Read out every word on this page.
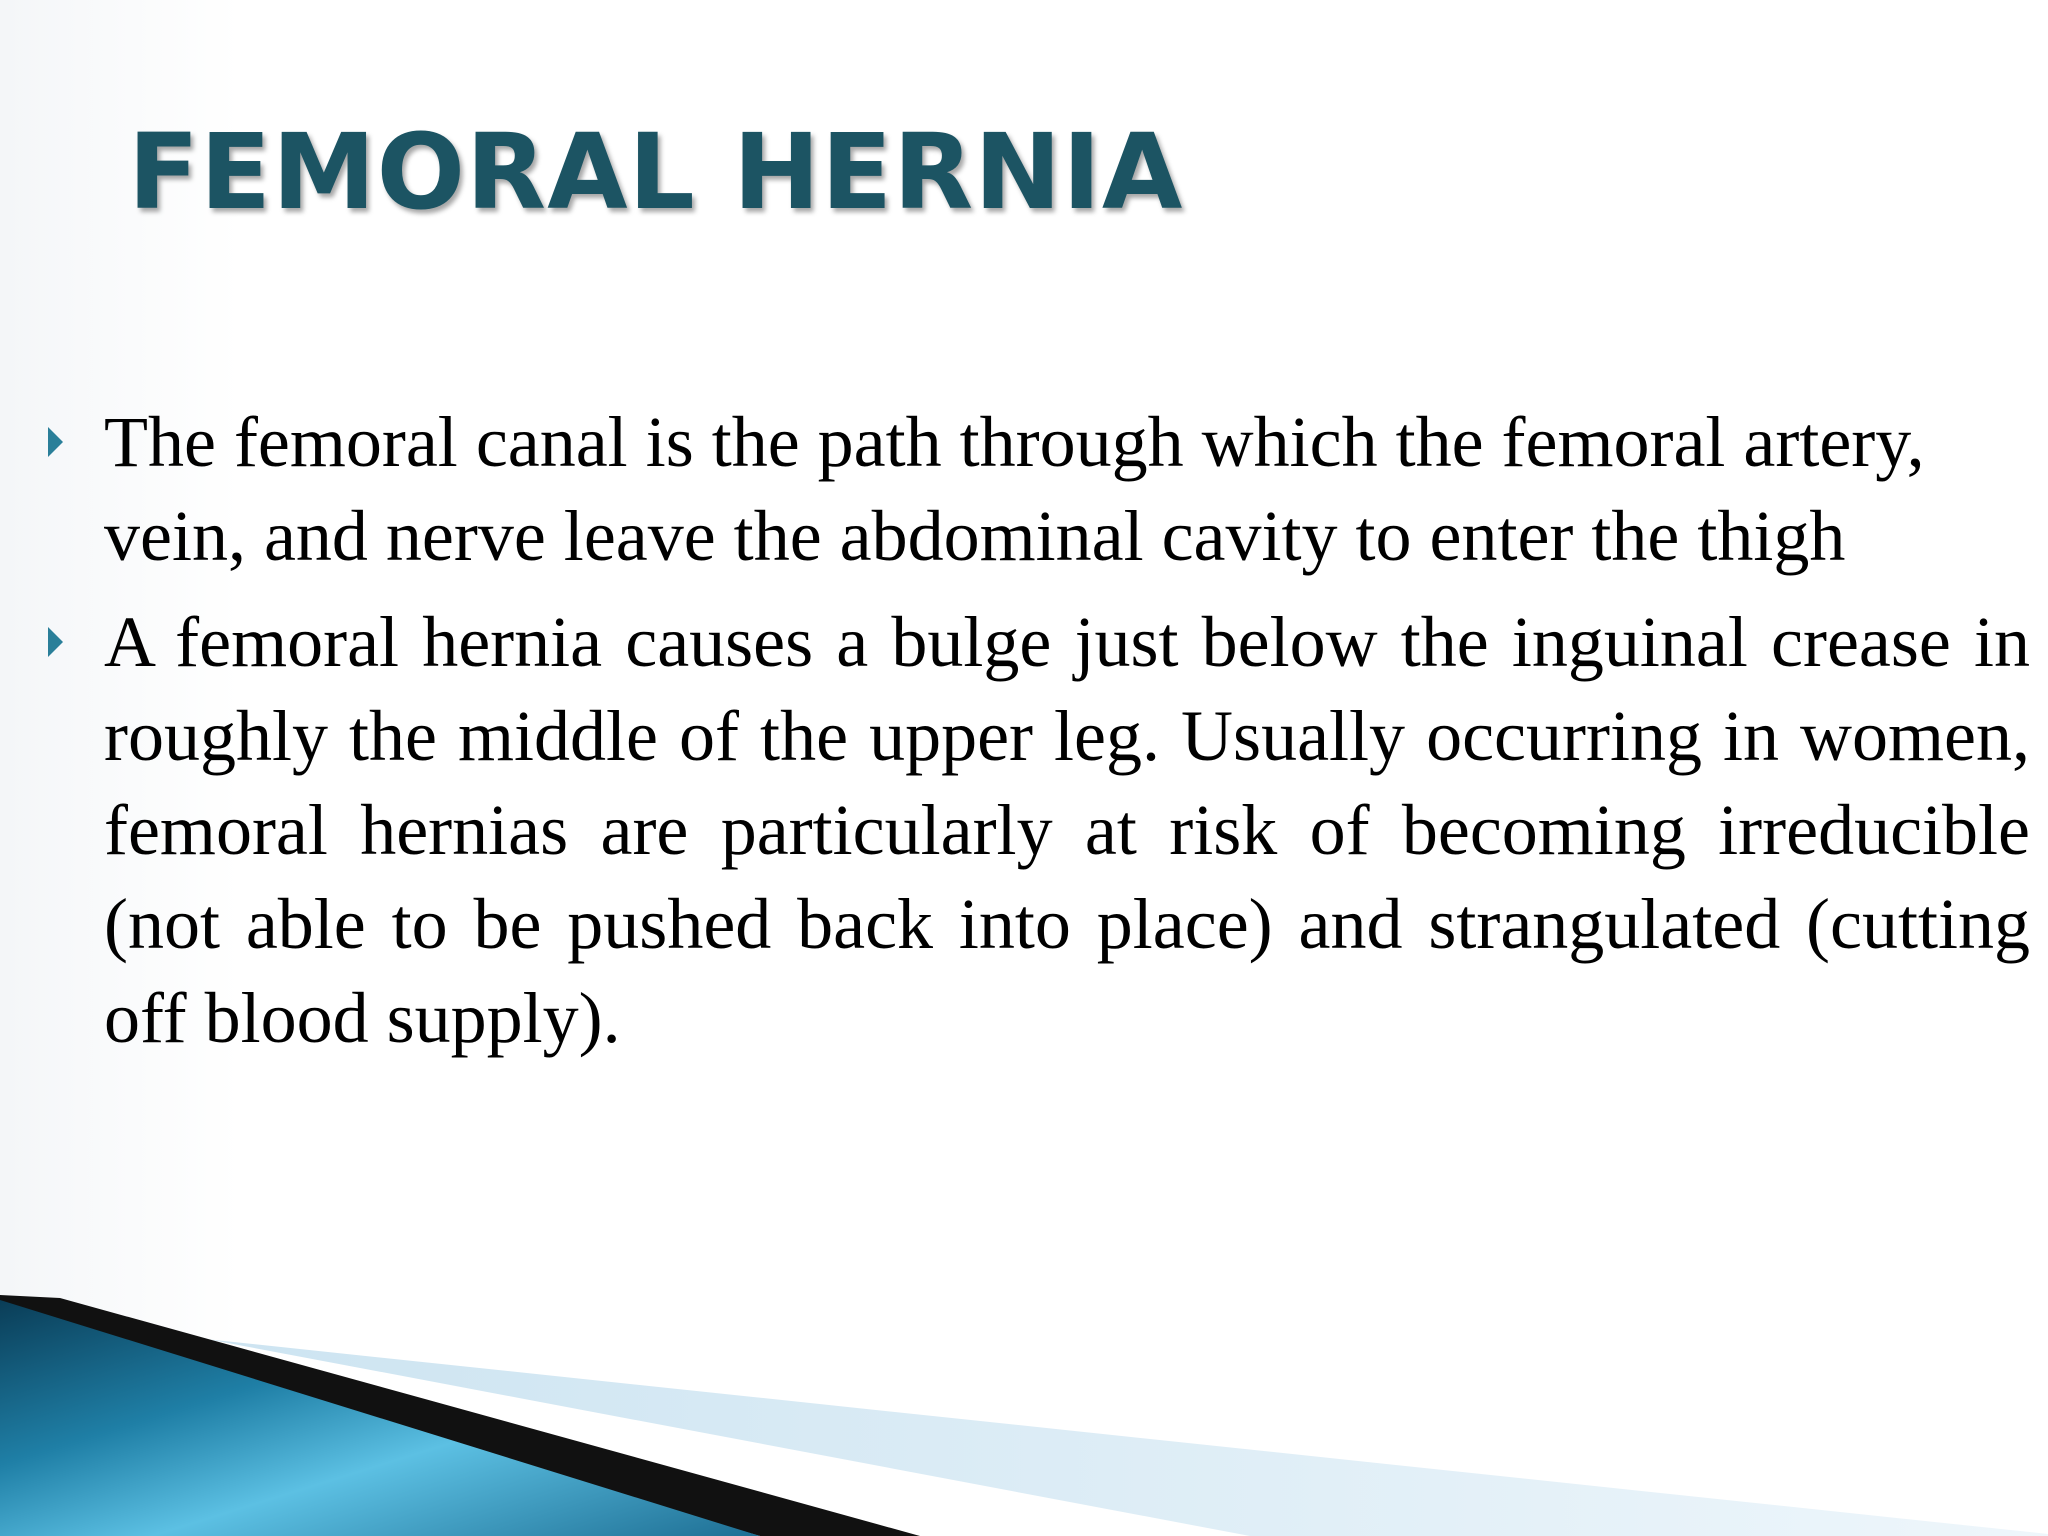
FEMORAL HERNIA
The femoral canal is the path through which the femoral artery, vein, and nerve leave the abdominal cavity to enter the thigh
A femoral hernia causes a bulge just below the inguinal crease in roughly the middle of the upper leg. Usually occurring in women, femoral hernias are particularly at risk of becoming irreducible (not able to be pushed back into place) and strangulated (cutting off blood supply).
